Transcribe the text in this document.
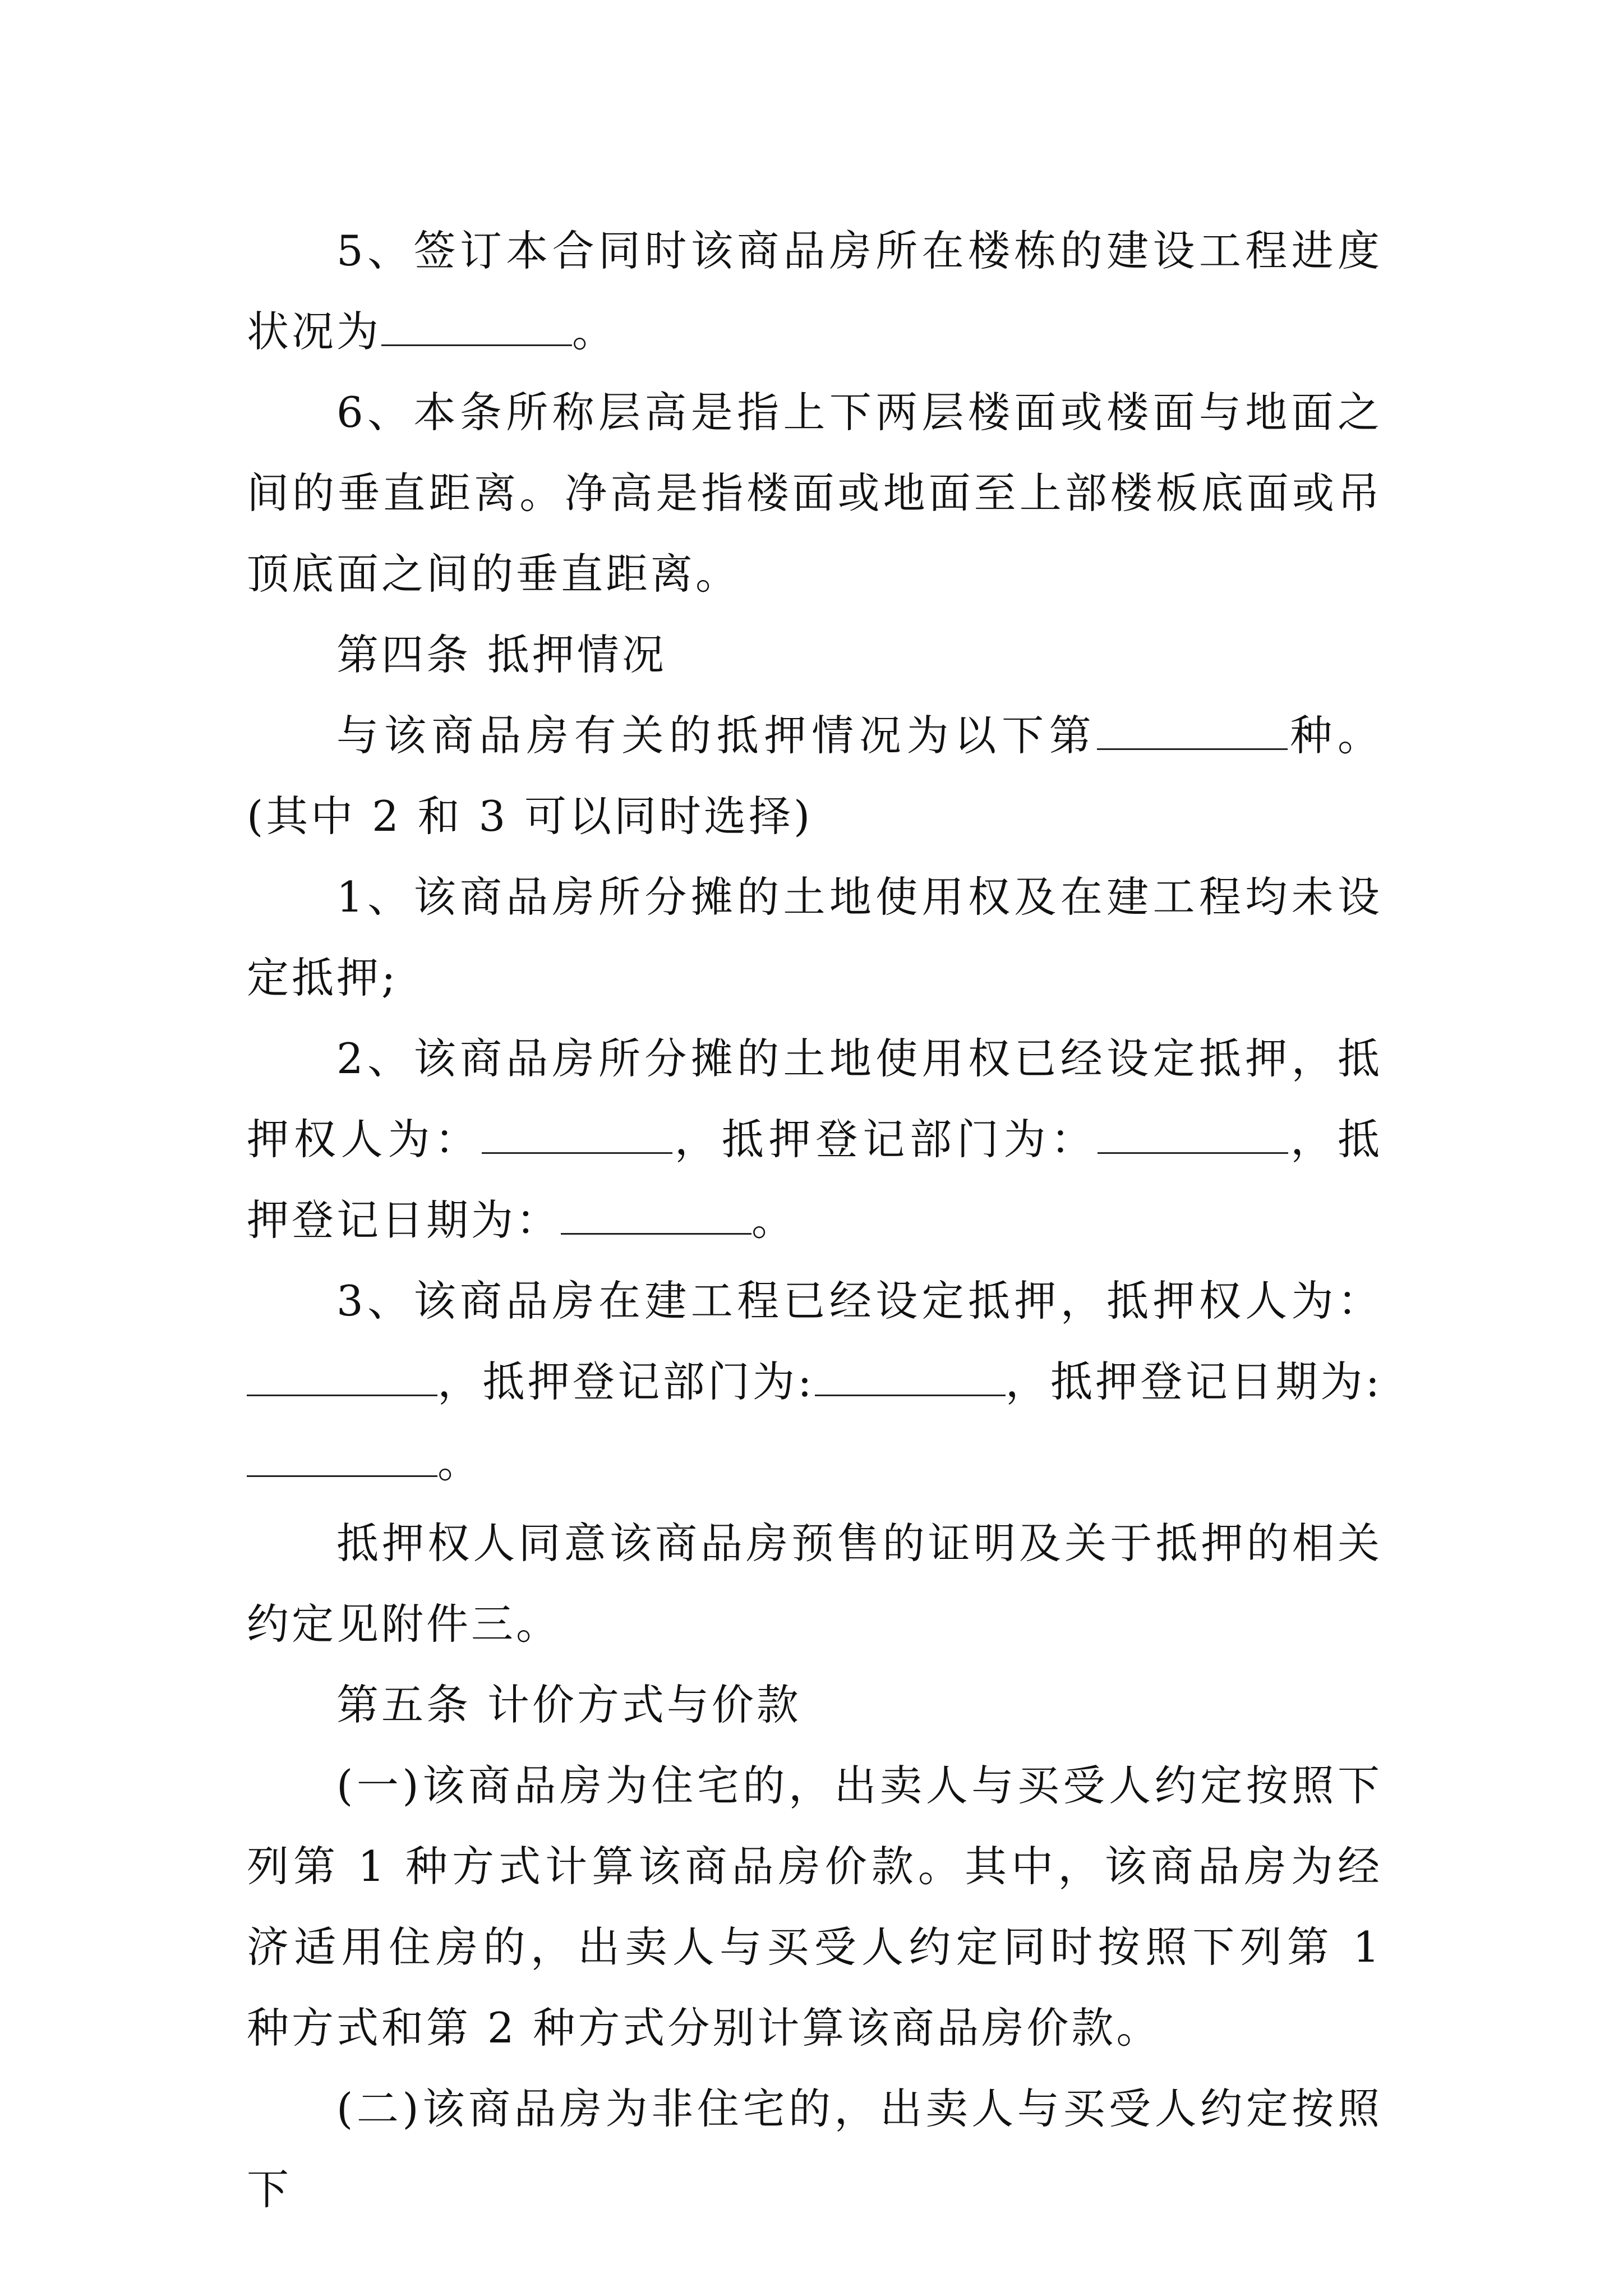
5、签订本合同时该商品房所在楼栋的建设工程进度状况为	。

6、本条所称层高是指上下两层楼面或楼面与地面之间的垂直距离。净高是指楼面或地面至上部楼板底面或吊顶底面之间的垂直距离。

第四条 抵押情况

与该商品房有关的抵押情况为以下第	种。(其中 2 和 3 可以同时选择)

1、该商品房所分摊的土地使用权及在建工程均未设定抵押;

2、该商品房所分摊的土地使用权已经设定抵押，抵押权人为：	，抵押登记部门为：	，抵押登记日期为：	。

3、该商品房在建工程已经设定抵押，抵押权人为：，抵押登记部门为:	，抵押登记日期为:。

抵押权人同意该商品房预售的证明及关于抵押的相关约定见附件三。

第五条 计价方式与价款

(一)该商品房为住宅的，出卖人与买受人约定按照下列第 1 种方式计算该商品房价款。其中，该商品房为经济适用住房的，出卖人与买受人约定同时按照下列第 1 种方式和第 2 种方式分别计算该商品房价款。

(二)该商品房为非住宅的，出卖人与买受人约定按照下
